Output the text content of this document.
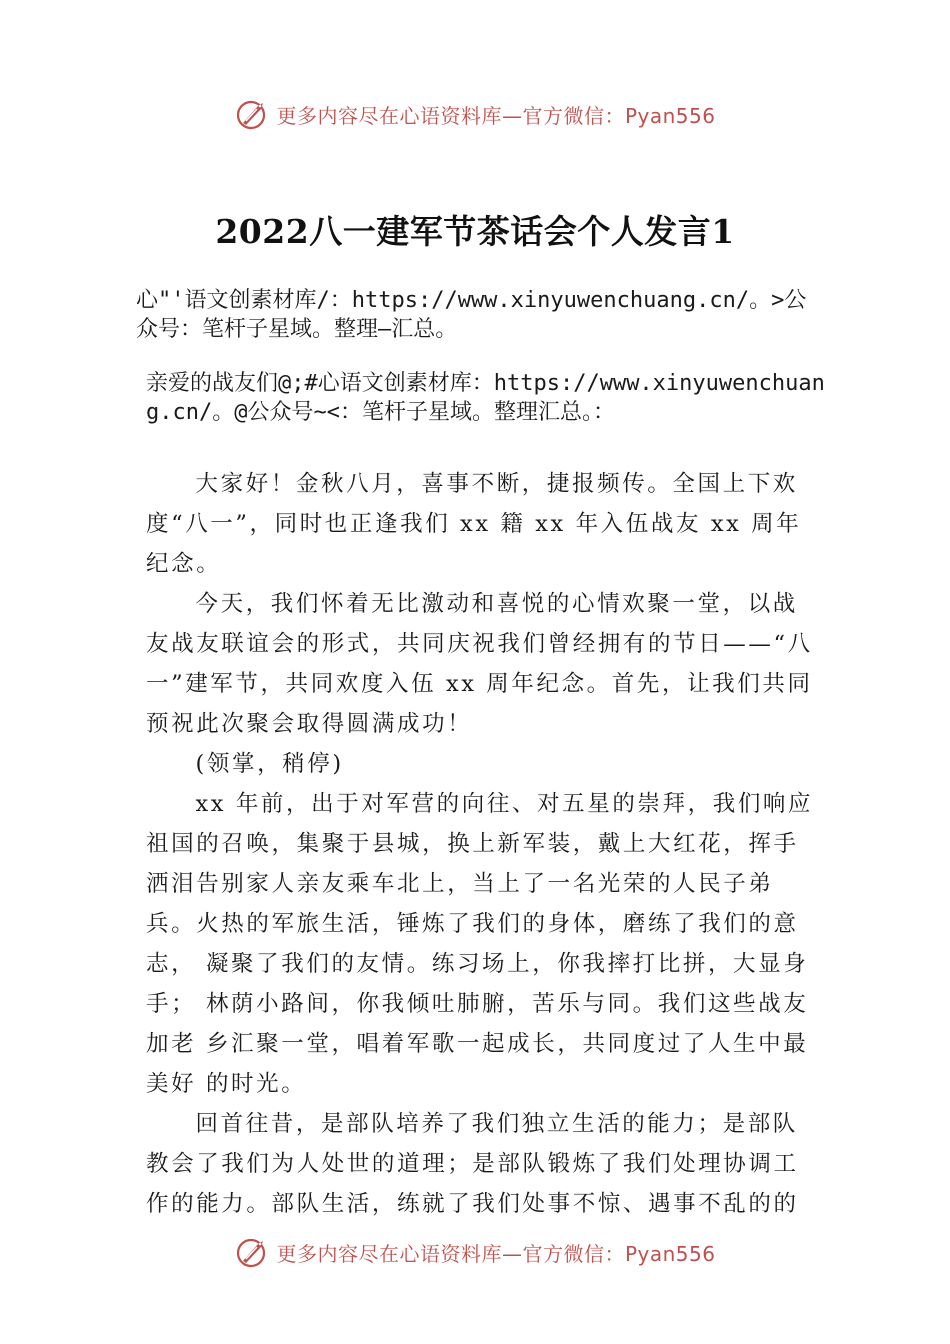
更多内容尽在心语资料库—官方微信：Pyan556
2022八一建军节茶话会个人发言1
心"'语文创素材库/：https://www.xinyuwenchuang.cn/。>公众号：笔杆子星域。整理—汇总。
亲爱的战友们@;#心语文创素材库：https://www.xinyuwenchuang.cn/。@公众号~<：笔杆子星域。整理汇总。：

大家好！金秋八月，喜事不断，捷报频传。全国上下欢度“八一”，同时也正逢我们 xx 籍 xx 年入伍战友 xx 周年纪念。

今天，我们怀着无比激动和喜悦的心情欢聚一堂，以战友战友联谊会的形式，共同庆祝我们曾经拥有的节日——“八一”建军节，共同欢度入伍 xx 周年纪念。首先，让我们共同预祝此次聚会取得圆满成功！

(领掌，稍停)

xx 年前，出于对军营的向往、对五星的崇拜，我们响应祖国的召唤，集聚于县城，换上新军装，戴上大红花，挥手洒泪告别家人亲友乘车北上，当上了一名光荣的人民子弟兵。火热的军旅生活，锤炼了我们的身体，磨练了我们的意志， 凝聚了我们的友情。练习场上，你我摔打比拼，大显身手； 林荫小路间，你我倾吐肺腑，苦乐与同。我们这些战友加老 乡汇聚一堂，唱着军歌一起成长，共同度过了人生中最美好 的时光。

回首往昔，是部队培养了我们独立生活的能力；是部队教会了我们为人处世的道理；是部队锻炼了我们处理协调工作的能力。部队生活，练就了我们处事不惊、遇事不乱的的

更多内容尽在心语资料库—官方微信：Pyan556
